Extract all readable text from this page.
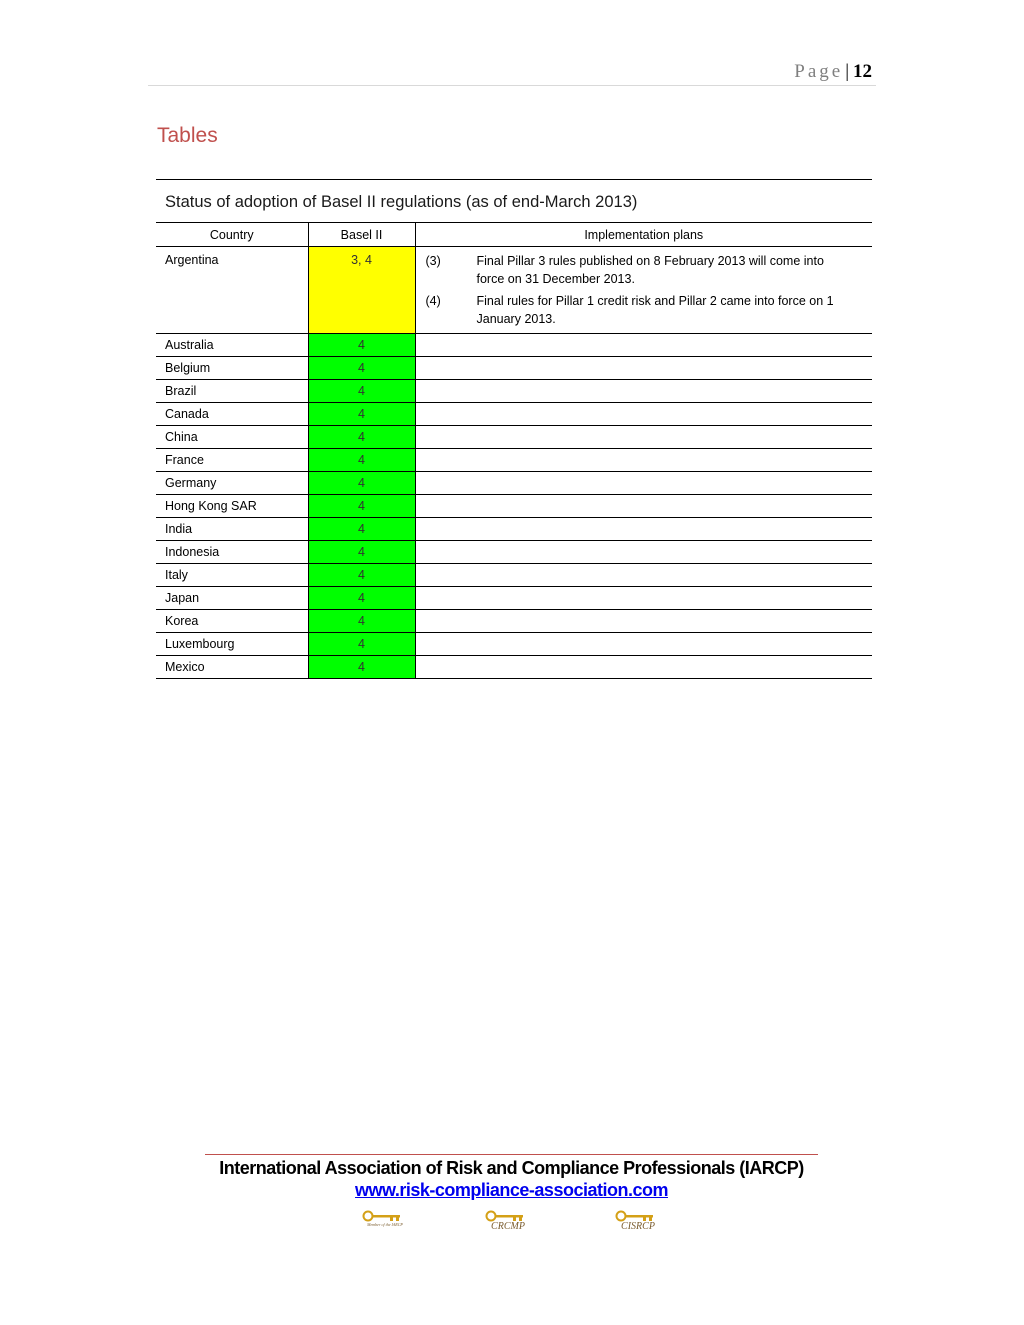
Page | 12
Tables
Status of adoption of Basel II regulations (as of end-March 2013)
Country	Basel II	Implementation plans
Argentina	3, 4	(3) Final Pillar 3 rules published on 8 February 2013 will come into force on 31 December 2013.
(4) Final rules for Pillar 1 credit risk and Pillar 2 came into force on 1 January 2013.

Australia	4	
Belgium	4	
Brazil	4	
Canada	4	
China	4	
France	4	
Germany	4	
Hong Kong SAR	4	
India	4	
Indonesia	4	
Italy	4	
Japan	4	
Korea	4	
Luxembourg	4	
Mexico	4	
International Association of Risk and Compliance Professionals (IARCP)
www.risk-compliance-association.com
Member of the IARCP	CRCMP	CISRCP
